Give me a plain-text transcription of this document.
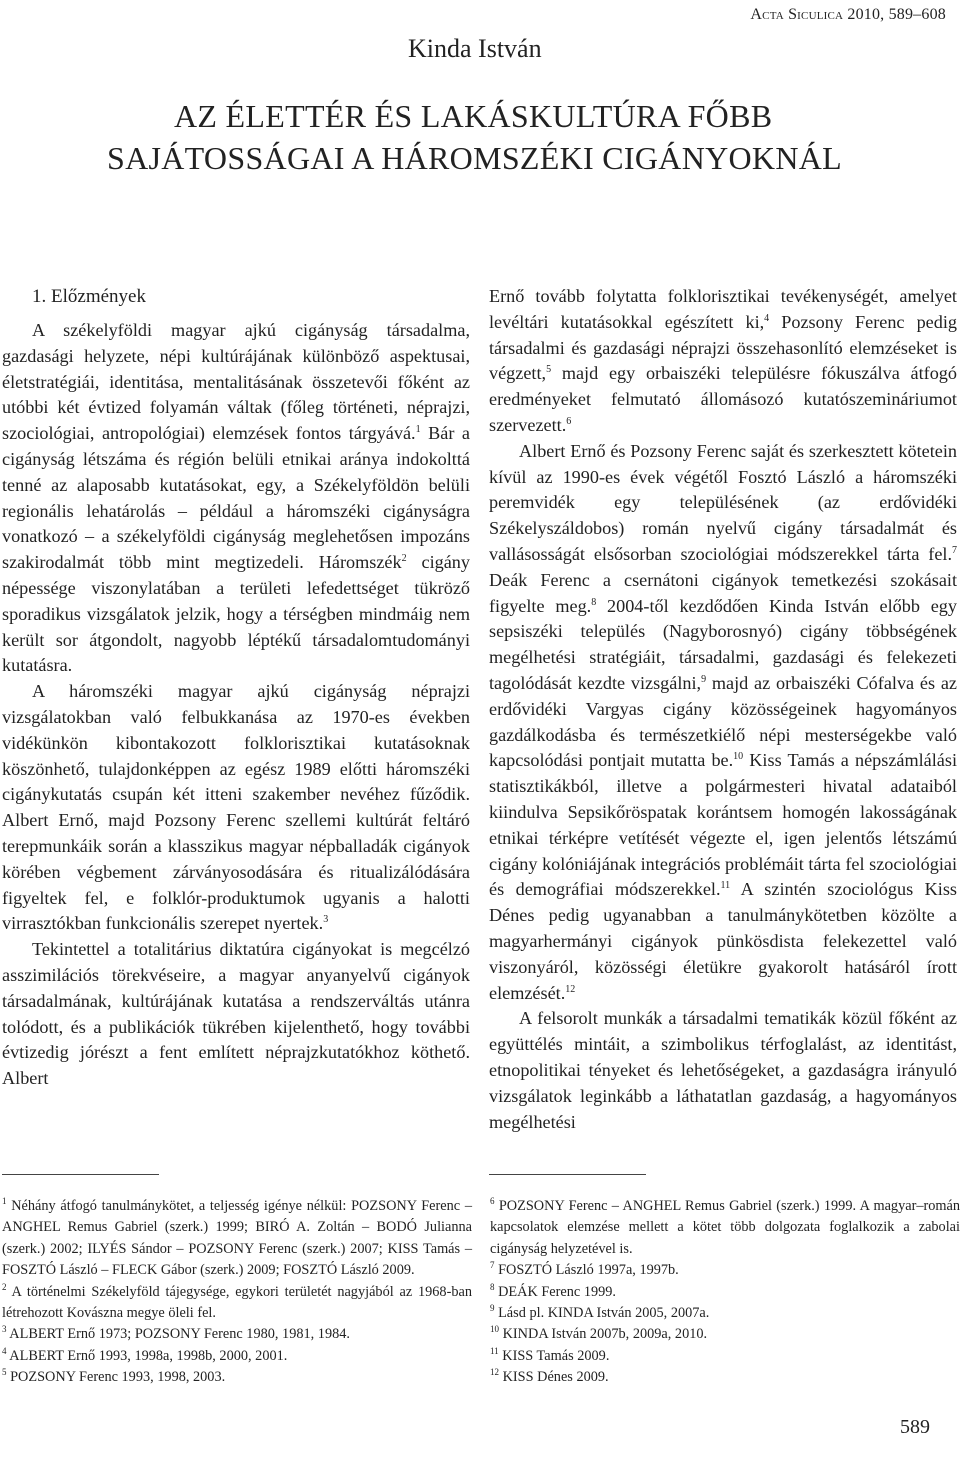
Acta Siculica 2010, 589–608
Kinda István
AZ ÉLETTÉR ÉS LAKÁSKULTÚRA FŐBB
SAJÁTOSSÁGAI A HÁROMSZÉKI CIGÁNYOKNÁL
1. Előzmények

A székelyföldi magyar ajkú cigányság társadalma, gazdasági helyzete, népi kultúrájának különböző aspektusai, életstratégiái, identitása, mentalitásának összetevői főként az utóbbi két évtized folyamán váltak (főleg történeti, néprajzi, szociológiai, antropológiai) elemzések fontos tárgyává.$^1$ Bár a cigányság létszáma és régión belüli etnikai aránya indokolttá tenné az alaposabb kutatásokat, egy, a Székelyföldön belüli regionális lehatárolás – például a háromszéki cigányságra vonatkozó – a székelyföldi cigányság meglehetősen impozáns szakirodalmát több mint megtizedeli. Háromszék$^2$ cigány népessége viszonylatában a területi lefedettséget tükröző sporadikus vizsgálatok jelzik, hogy a térségben mindmáig nem került sor átgondolt, nagyobb léptékű társadalomtudományi kutatásra.

A háromszéki magyar ajkú cigányság néprajzi vizsgálatokban való felbukkanása az 1970-es években vidékünkön kibontakozott folklorisztikai kutatásoknak köszönhető, tulajdonképpen az egész 1989 előtti háromszéki cigánykutatás csupán két itteni szakember nevéhez fűződik. Albert Ernő, majd Pozsony Ferenc szellemi kultúrát feltáró terepmunkáik során a klasszikus magyar népballadák cigányok körében végbement zárványosodására és ritualizálódására figyeltek fel, e folklór-produktumok ugyanis a halotti virrasztókban funkcionális szerepet nyertek.$^3$

Tekintettel a totalitárius diktatúra cigányokat is megcélzó asszimilációs törekvéseire, a magyar anyanyelvű cigányok társadalmának, kultúrájának kutatása a rendszerváltás utánra tolódott, és a publikációk tükrében kijelenthető, hogy további évtizedig jórészt a fent említett néprajzkutatókhoz köthető. Albert

Ernő tovább folytatta folklorisztikai tevékenységét, amelyet levéltári kutatásokkal egészített ki,$^4$ Pozsony Ferenc pedig társadalmi és gazdasági néprajzi összehasonlító elemzéseket is végzett,$^5$ majd egy orbaiszéki településre fókuszálva átfogó eredményeket felmutató állomásozó kutatószemináriumot szervezett.$^6$

Albert Ernő és Pozsony Ferenc saját és szerkesztett kötetein kívül az 1990-es évek végétől Fosztó László a háromszéki peremvidék egy településének (az erdővidéki Székelyszáldobos) román nyelvű cigány társadalmát és vallásosságát elsősorban szociológiai módszerekkel tárta fel.$^7$ Deák Ferenc a csernátoni cigányok temetkezési szokásait figyelte meg.$^8$ 2004-től kezdődően Kinda István előbb egy sepsiszéki település (Nagyborosnyó) cigány többségének megélhetési stratégiáit, társadalmi, gazdasági és felekezeti tagolódását kezdte vizsgálni,$^9$ majd az orbaiszéki Cófalva és az erdővidéki Vargyas cigány közösségeinek hagyományos gazdálkodásba és természetkiélő népi mesterségekbe való kapcsolódási pontjait mutatta be.$^{10}$ Kiss Tamás a népszámlálási statisztikákból, illetve a polgármesteri hivatal adataiból kiindulva Sepsikőröspatak korántsem homogén lakosságának etnikai térképre vetítését végezte el, igen jelentős létszámú cigány kolóniájának integrációs problémáit tárta fel szociológiai és demográfiai módszerekkel.$^{11}$ A szintén szociológus Kiss Dénes pedig ugyanabban a tanulmánykötetben közölte a magyarhermányi cigányok pünkösdista felekezettel való viszonyáról, közösségi életükre gyakorolt hatásáról írott elemzését.$^{12}$

A felsorolt munkák a társadalmi tematikák közül főként az együttélés mintáit, a szimbolikus térfoglalást, az identitást, etnopolitikai tényeket és lehetőségeket, a gazdaságra irányuló vizsgálatok leginkább a láthatatlan gazdaság, a hagyományos megélhetési

$^1$ Néhány átfogó tanulmánykötet, a teljesség igénye nélkül: POZSONY Ferenc – ANGHEL Remus Gabriel (szerk.) 1999; BIRÓ A. Zoltán – BODÓ Julianna (szerk.) 2002; ILYÉS Sándor – POZSONY Ferenc (szerk.) 2007; KISS Tamás – FOSZTÓ László – FLECK Gábor (szerk.) 2009; FOSZTÓ László 2009.

$^2$ A történelmi Székelyföld tájegysége, egykori területét nagyjából az 1968-ban létrehozott Kovászna megye öleli fel.

$^3$ ALBERT Ernő 1973; POZSONY Ferenc 1980, 1981, 1984.

$^4$ ALBERT Ernő 1993, 1998a, 1998b, 2000, 2001.

$^5$ POZSONY Ferenc 1993, 1998, 2003.

$^6$ POZSONY Ferenc – ANGHEL Remus Gabriel (szerk.) 1999. A magyar–román kapcsolatok elemzése mellett a kötet több dolgozata foglalkozik a zabolai cigányság helyzetével is.

$^7$ FOSZTÓ László 1997a, 1997b.

$^8$ DEÁK Ferenc 1999.

$^9$ Lásd pl. KINDA István 2005, 2007a.

$^{10}$ KINDA István 2007b, 2009a, 2010.

$^{11}$ KISS Tamás 2009.

$^{12}$ KISS Dénes 2009.

589
